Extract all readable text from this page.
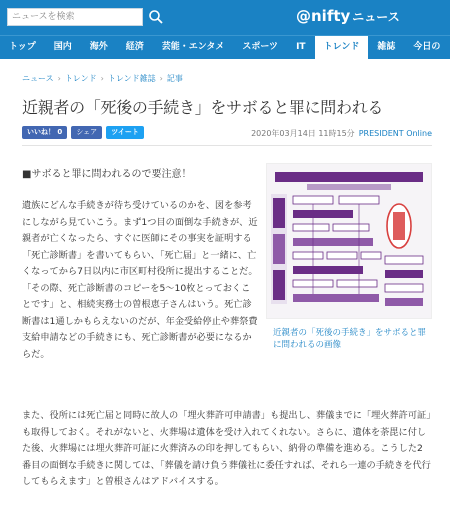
ニュースを検索	@nifty ニュース
トップ	国内	海外	経済	芸能・エンタメ	スポーツ	IT	トレンド	雑誌	今日の
ニュース › トレンド › トレンド雑誌 › 記事
近親者の「死後の手続き」をサボると罪に問われる
いいね！ 0	シェア	ツイート	2020年03月14日 11時15分 PRESIDENT Online
■サボると罪に問われるので要注意！

遺族にどんな手続きが待ち受けているのかを、図を参考にしながら見ていこう。まず1つ目の面倒な手続きが、近親者が亡くなったら、すぐに医師にその事実を証明する「死亡診断書」を書いてもらい、「死亡届」と一緒に、亡くなってから7日以内に市区町村役所に提出することだ。「その際、死亡診断書のコピーを5～10枚とっておくことです」と、相続実務士の曽根恵子さんはいう。死亡診断書は1通しかもらえないのだが、年金受給停止や葬祭費支給申請などの手続きにも、死亡診断書が必要になるからだ。

近親者の「死後の手続き」をサボると罪に問われるの画像

また、役所には死亡届と同時に故人の「埋火葬許可申請書」も提出し、葬儀までに「埋火葬許可証」も取得しておく。それがないと、火葬場は遺体を受け入れてくれない。さらに、遺体を荼毘に付した後、火葬場には埋火葬許可証に火葬済みの印を押してもらい、納骨の準備を進める。こうした2番目の面倒な手続きに関しては、「葬儀を請け負う葬儀社に委任すれば、それら一連の手続きを代行してもらえます」と曽根さんはアドバイスする。
